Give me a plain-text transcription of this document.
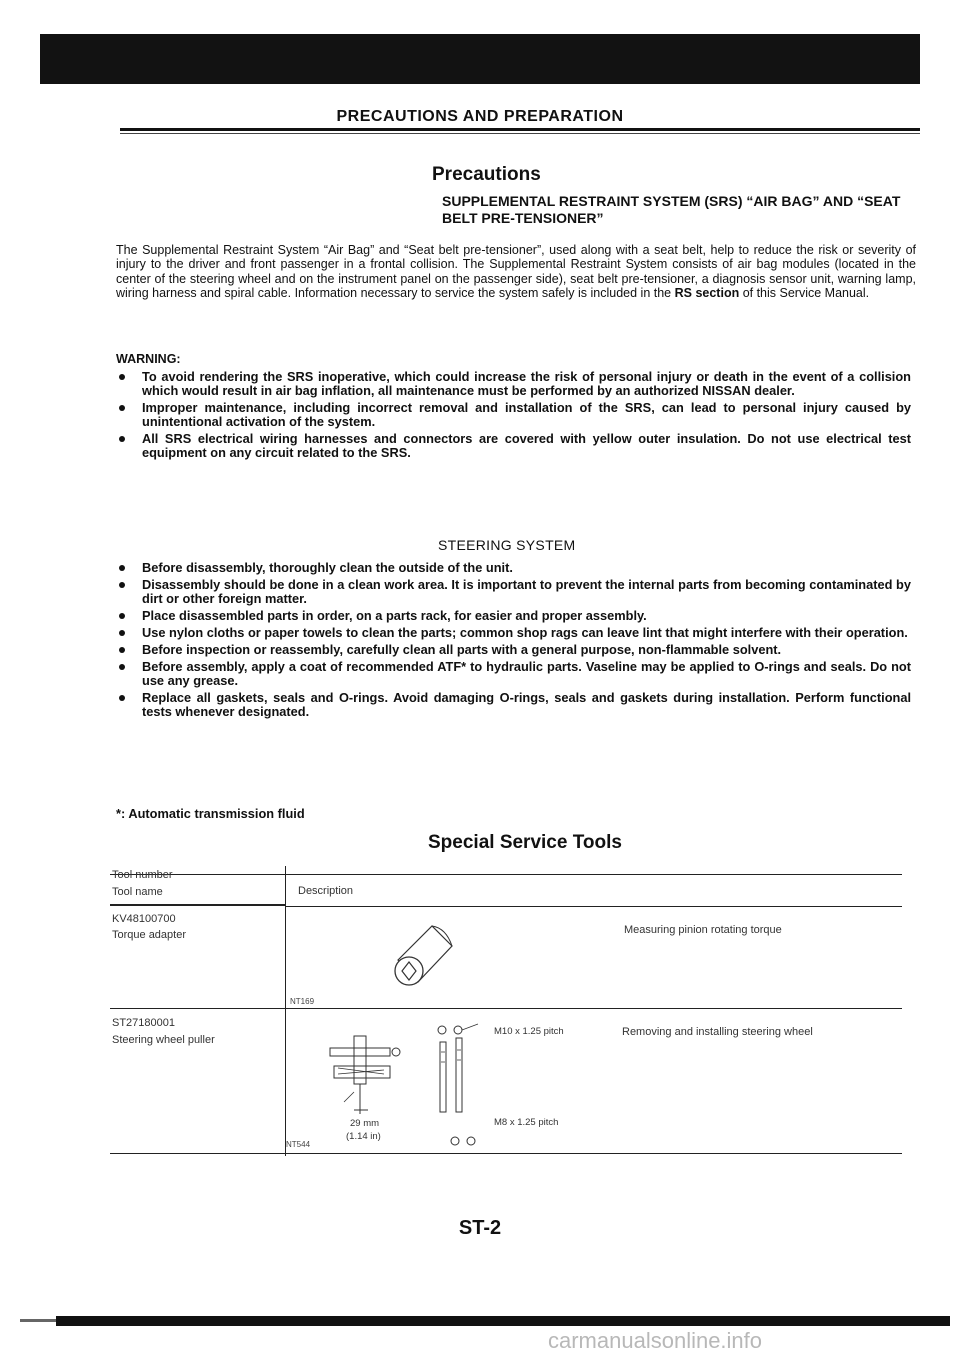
PRECAUTIONS AND PREPARATION
Precautions
SUPPLEMENTAL RESTRAINT SYSTEM (SRS) “AIR BAG” AND “SEAT BELT PRE-TENSIONER”
The Supplemental Restraint System “Air Bag” and “Seat belt pre-tensioner”, used along with a seat belt, help to reduce the risk or severity of injury to the driver and front passenger in a frontal collision. The Supplemental Restraint System consists of air bag modules (located in the center of the steering wheel and on the instrument panel on the passenger side), seat belt pre-tensioner, a diagnosis sensor unit, warning lamp, wiring harness and spiral cable. Information necessary to service the system safely is included in the RS section of this Service Manual.
WARNING:
To avoid rendering the SRS inoperative, which could increase the risk of personal injury or death in the event of a collision which would result in air bag inflation, all maintenance must be performed by an authorized NISSAN dealer.
Improper maintenance, including incorrect removal and installation of the SRS, can lead to personal injury caused by unintentional activation of the system.
All SRS electrical wiring harnesses and connectors are covered with yellow outer insulation. Do not use electrical test equipment on any circuit related to the SRS.
STEERING SYSTEM
Before disassembly, thoroughly clean the outside of the unit.
Disassembly should be done in a clean work area. It is important to prevent the internal parts from becoming contaminated by dirt or other foreign matter.
Place disassembled parts in order, on a parts rack, for easier and proper assembly.
Use nylon cloths or paper towels to clean the parts; common shop rags can leave lint that might interfere with their operation.
Before inspection or reassembly, carefully clean all parts with a general purpose, non-flammable solvent.
Before assembly, apply a coat of recommended ATF* to hydraulic parts. Vaseline may be applied to O-rings and seals. Do not use any grease.
Replace all gaskets, seals and O-rings. Avoid damaging O-rings, seals and gaskets during installation. Perform functional tests whenever designated.
*: Automatic transmission fluid
Special Service Tools
Tool number
Tool name	Description
KV48100700
Torque adapter	Measuring pinion rotating torque
NT169
ST27180001
Steering wheel puller
Removing and installing steering wheel
M10 x 1.25 pitch
M8 x 1.25 pitch
29 mm
(1.14 in)
NT544
ST-2
carmanualsonline.info
